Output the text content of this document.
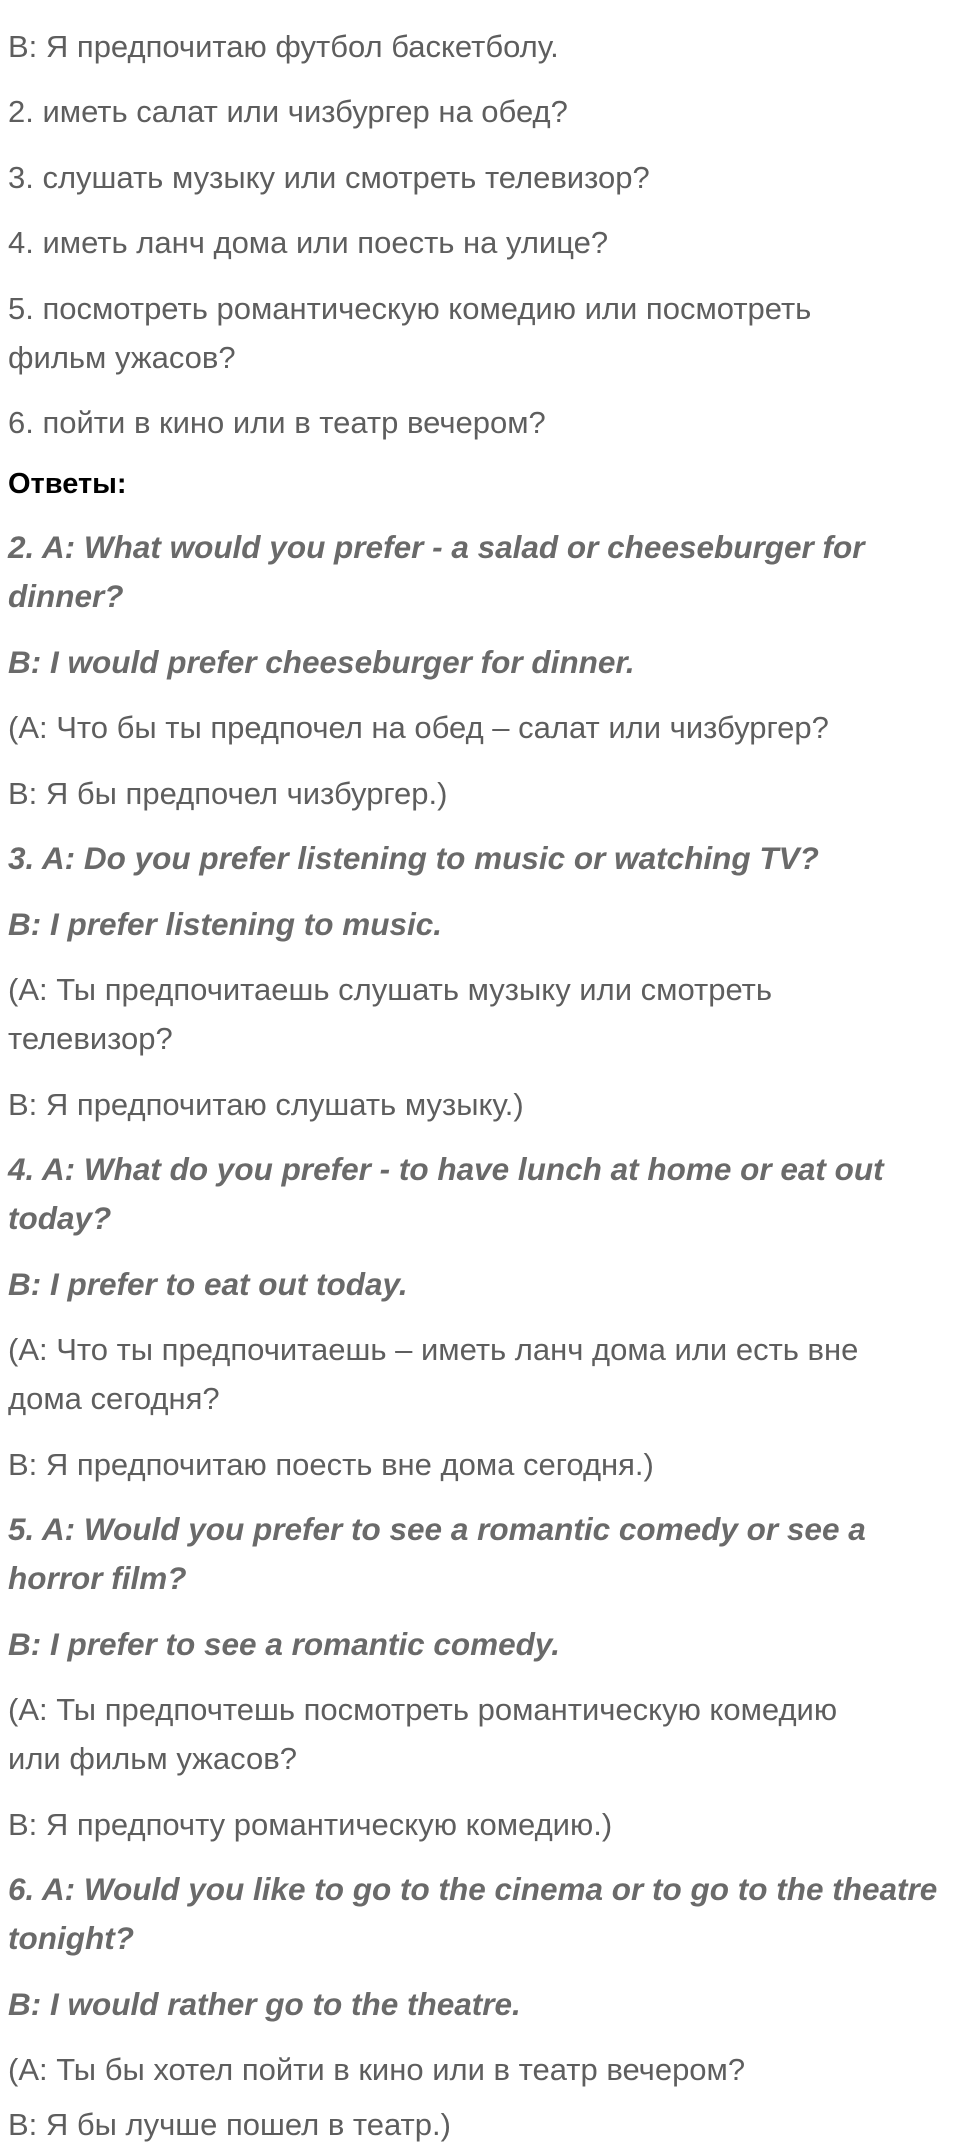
В: Я предпочитаю футбол баскетболу.
2. иметь салат или чизбургер на обед?
3. слушать музыку или смотреть телевизор?
4. иметь ланч дома или поесть на улице?
5. посмотреть романтическую комедию или посмотреть
фильм ужасов?
6. пойти в кино или в театр вечером?
Ответы:
2. A: What would you prefer - a salad or cheeseburger for
dinner?
B: I would prefer cheeseburger for dinner.
(А: Что бы ты предпочел на обед – салат или чизбургер?
В: Я бы предпочел чизбургер.)
3. A: Do you prefer listening to music or watching TV?
B: I prefer listening to music.
(А: Ты предпочитаешь слушать музыку или смотреть
телевизор?
В: Я предпочитаю слушать музыку.)
4. A: What do you prefer - to have lunch at home or eat out
today?
B: I prefer to eat out today.
(А: Что ты предпочитаешь – иметь ланч дома или есть вне
дома сегодня?
В: Я предпочитаю поесть вне дома сегодня.)
5. A: Would you prefer to see a romantic comedy or see a
horror film?
B: I prefer to see a romantic comedy.
(А: Ты предпочтешь посмотреть романтическую комедию
или фильм ужасов?
В: Я предпочту романтическую комедию.)
6. A: Would you like to go to the cinema or to go to the theatre
tonight?
B: I would rather go to the theatre.
(А: Ты бы хотел пойти в кино или в театр вечером?
В: Я бы лучше пошел в театр.)
